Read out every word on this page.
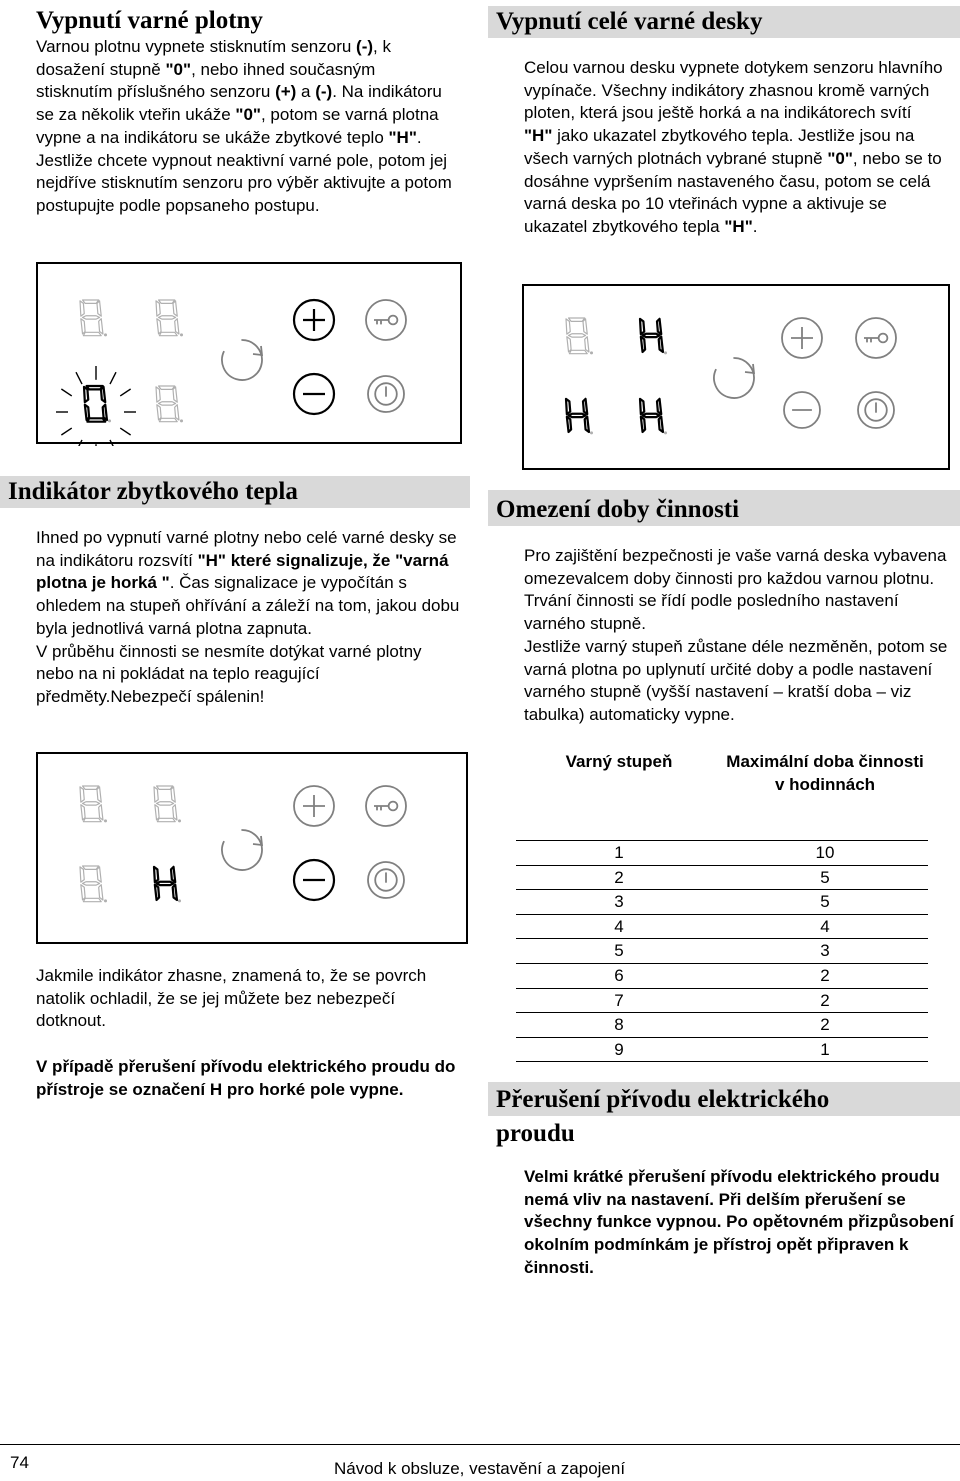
Vypnutí varné plotny
Varnou plotnu vypnete stisknutím senzoru (-), k dosažení stupně "0", nebo ihned současným stisknutím příslušného senzoru (+) a (-). Na indikátoru se za několik vteřin ukáže "0", potom se varná plotna vypne a na indikátoru se ukáže zbytkové teplo "H". Jestliže chcete vypnout neaktivní varné pole, potom jej nejdříve stisknutím senzoru pro výběr aktivujte a potom postupujte podle popsaneho postupu.
Indikátor zbytkového tepla

Ihned po vypnutí varné plotny nebo celé varné desky se na indikátoru rozsvítí "H" které signalizuje, že "varná plotna je horká ". Čas signalizace je vypočítán s ohledem na stupeň ohřívání a záleží na tom, jakou dobu byla jednotlivá varná plotna zapnuta.

V průběhu činnosti se nesmíte dotýkat varné plotny nebo na ni pokládat na teplo reagující předměty.Nebezpečí spálenin!

Jakmile indikátor zhasne, znamená to, že se povrch natolik ochladil, že se jej můžete bez nebezpečí dotknout.

V případě přerušení přívodu elektrického proudu do přístroje se označení H pro horké pole vypne.

Vypnutí celé varné desky

Celou varnou desku vypnete dotykem senzoru hlavního vypínače. Všechny indikátory zhasnou kromě varných ploten, která jsou ještě horká a na indikátorech svítí "H" jako ukazatel zbytkového tepla. Jestliže jsou na všech varných plotnách vybrané stupně "0", nebo se to dosáhne vypršením nastaveného času, potom se celá varná deska po 10 vteřinách vypne a aktivuje se ukazatel zbytkového tepla "H".

Omezení doby činnosti

Pro zajištění bezpečnosti je vaše varná deska vybavena omezevalcem doby činnosti pro každou varnou plotnu. Trvání činnosti se řídí podle posledního nastavení varného stupně.

Jestliže varný stupeň zůstane déle nezměněn, potom se varná plotna po uplynutí určité doby a podle nastavení varného stupně (vyšší nastavení – kratší doba – viz tabulka) automaticky vypne.

Varný stupeň	Maximální doba činnosti v hodinnách
1	10
2	5
3	5
4	4
5	3
6	2
7	2
8	2
9	1
Přerušení přívodu elektrického proudu

Velmi krátké přerušení přívodu elektrického proudu nemá vliv na nastavení. Při delším přerušení se všechny funkce vypnou. Po opětovném přizpůsobení okolním podmínkám je přístroj opět připraven k činnosti.

74	Návod k obsluze, vestavění a zapojení
